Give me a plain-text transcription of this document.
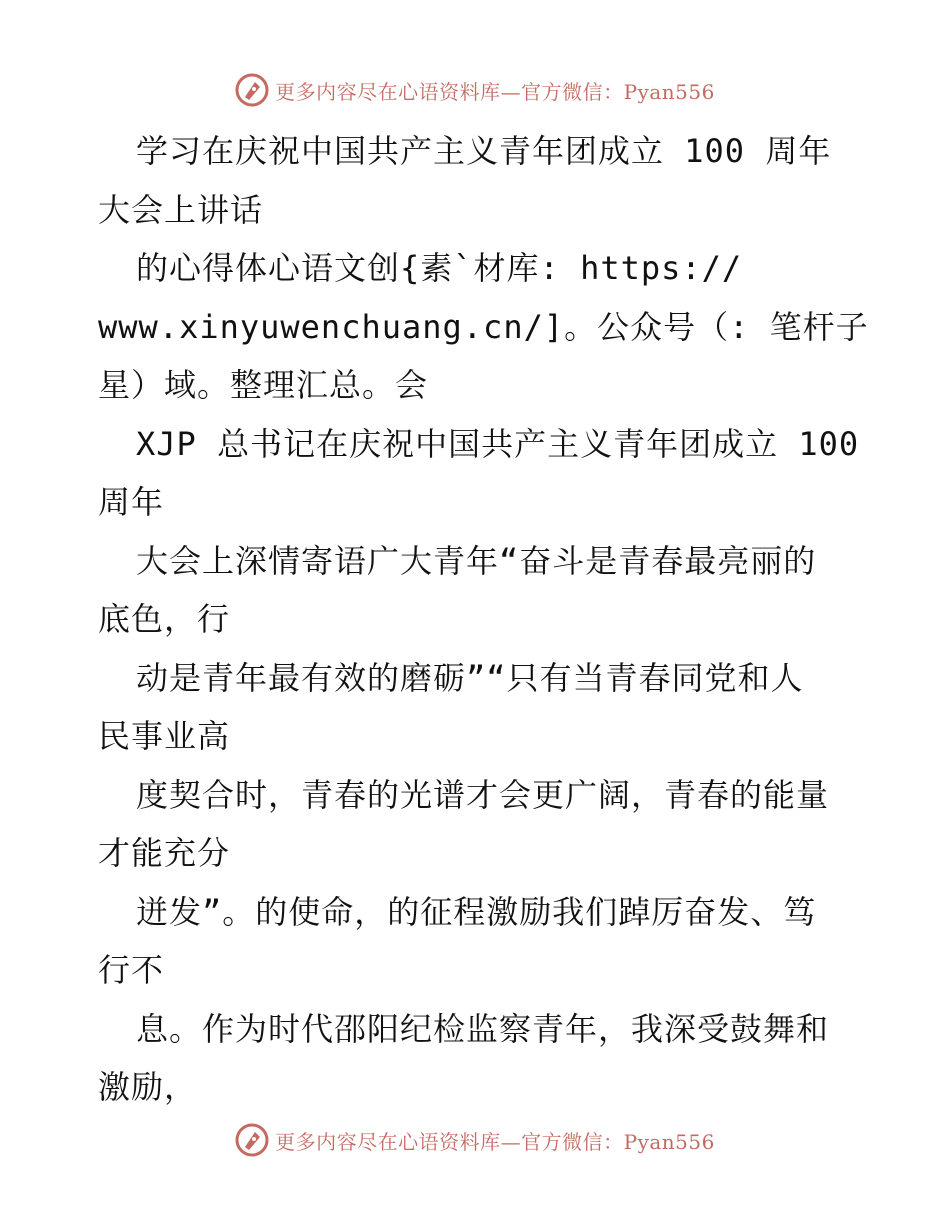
更多内容尽在心语资料库—官方微信：Pyan556
学习在庆祝中国共产主义青年团成立 100 周年
大会上讲话
的心得体心语文创{素`材库: https://
www.xinyuwenchuang.cn/]。公众号（: 笔杆子
星）域。整理汇总。会
XJP 总书记在庆祝中国共产主义青年团成立 100
周年
大会上深情寄语广大青年“奋斗是青春最亮丽的
底色，行
动是青年最有效的磨砺”“只有当青春同党和人
民事业高
度契合时，青春的光谱才会更广阔，青春的能量
才能充分
迸发”。的使命，的征程激励我们踔厉奋发、笃
行不
息。作为时代邵阳纪检监察青年，我深受鼓舞和
激励，
更多内容尽在心语资料库—官方微信：Pyan556
